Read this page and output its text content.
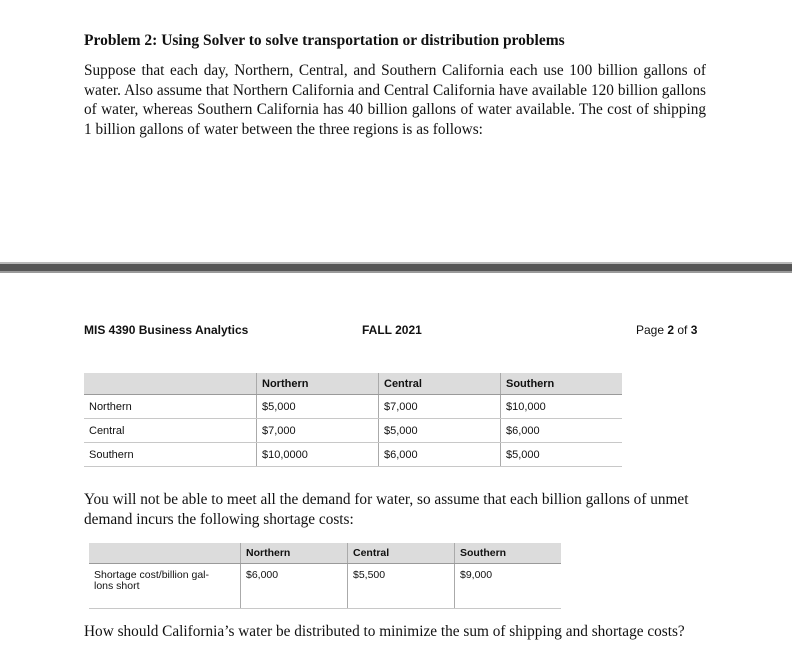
Problem 2: Using Solver to solve transportation or distribution problems

Suppose that each day, Northern, Central, and Southern California each use 100 billion gallons of water. Also assume that Northern California and Central California have available 120 billion gallons of water, whereas Southern California has 40 billion gallons of water available. The cost of shipping 1 billion gallons of water between the three regions is as follows:

MIS 4390 Business Analytics	FALL 2021	Page 2 of 3
	Northern	Central	Southern
Northern	$5,000	$7,000	$10,000
Central	$7,000	$5,000	$6,000
Southern	$10,0000	$6,000	$5,000

You will not be able to meet all the demand for water, so assume that each billion gallons of unmet demand incurs the following shortage costs:

	Northern	Central	Southern
Shortage cost/billion gal-
lons short	$6,000	$5,500	$9,000

How should California’s water be distributed to minimize the sum of shipping and shortage costs?
